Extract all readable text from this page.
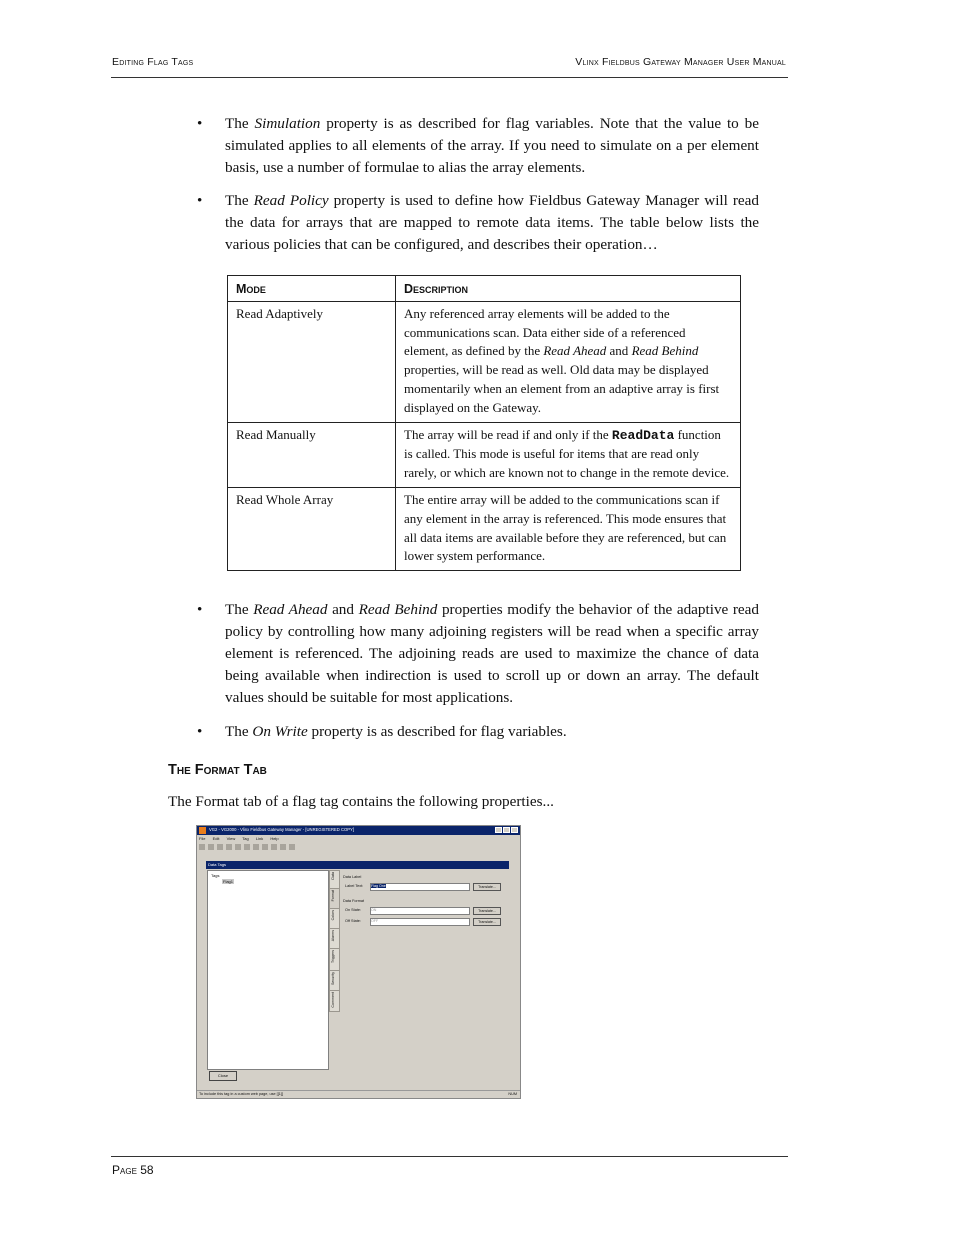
Editing Flag Tags	Vlinx Fieldbus Gateway Manager User Manual
• The Simulation property is as described for flag variables. Note that the value to be simulated applies to all elements of the array. If you need to simulate on a per element basis, use a number of formulae to alias the array elements.
• The Read Policy property is used to define how Fieldbus Gateway Manager will read the data for arrays that are mapped to remote data items. The table below lists the various policies that can be configured, and describes their operation…
Mode	Description
Read Adaptively	Any referenced array elements will be added to the communications scan. Data either side of a referenced element, as defined by the Read Ahead and Read Behind properties, will be read as well. Old data may be displayed momentarily when an element from an adaptive array is first displayed on the Gateway.
Read Manually	The array will be read if and only if the ReadData function is called. This mode is useful for items that are read only rarely, or which are known not to change in the remote device.
Read Whole Array	The entire array will be added to the communications scan if any element in the array is referenced. This mode ensures that all data items are available before they are referenced, but can lower system performance.
• The Read Ahead and Read Behind properties modify the behavior of the adaptive read policy by controlling how many adjoining registers will be read when a specific array element is referenced. The adjoining reads are used to maximize the chance of data being available when indirection is used to scroll up or down an array. The default values should be suitable for most applications.
• The On Write property is as described for flag variables.
The Format Tab
The Format tab of a flag tag contains the following properties...
VG2 - VG2000 - Vlinx Fieldbus Gateway Manager - [UNREGISTERED COPY]
File Edit View Tag Link Help
Data Tags
Tags
Flag1
Close
Data
Format
Colors
Alarms
Triggers
Security
Comment
Data Label
Label Text: Flag One	Translate...
Data Format
On State:	ON	Translate...
Off State:	OFF	Translate...
To include this tag in a custom web page, use [[1]]	NUM
Page 58
